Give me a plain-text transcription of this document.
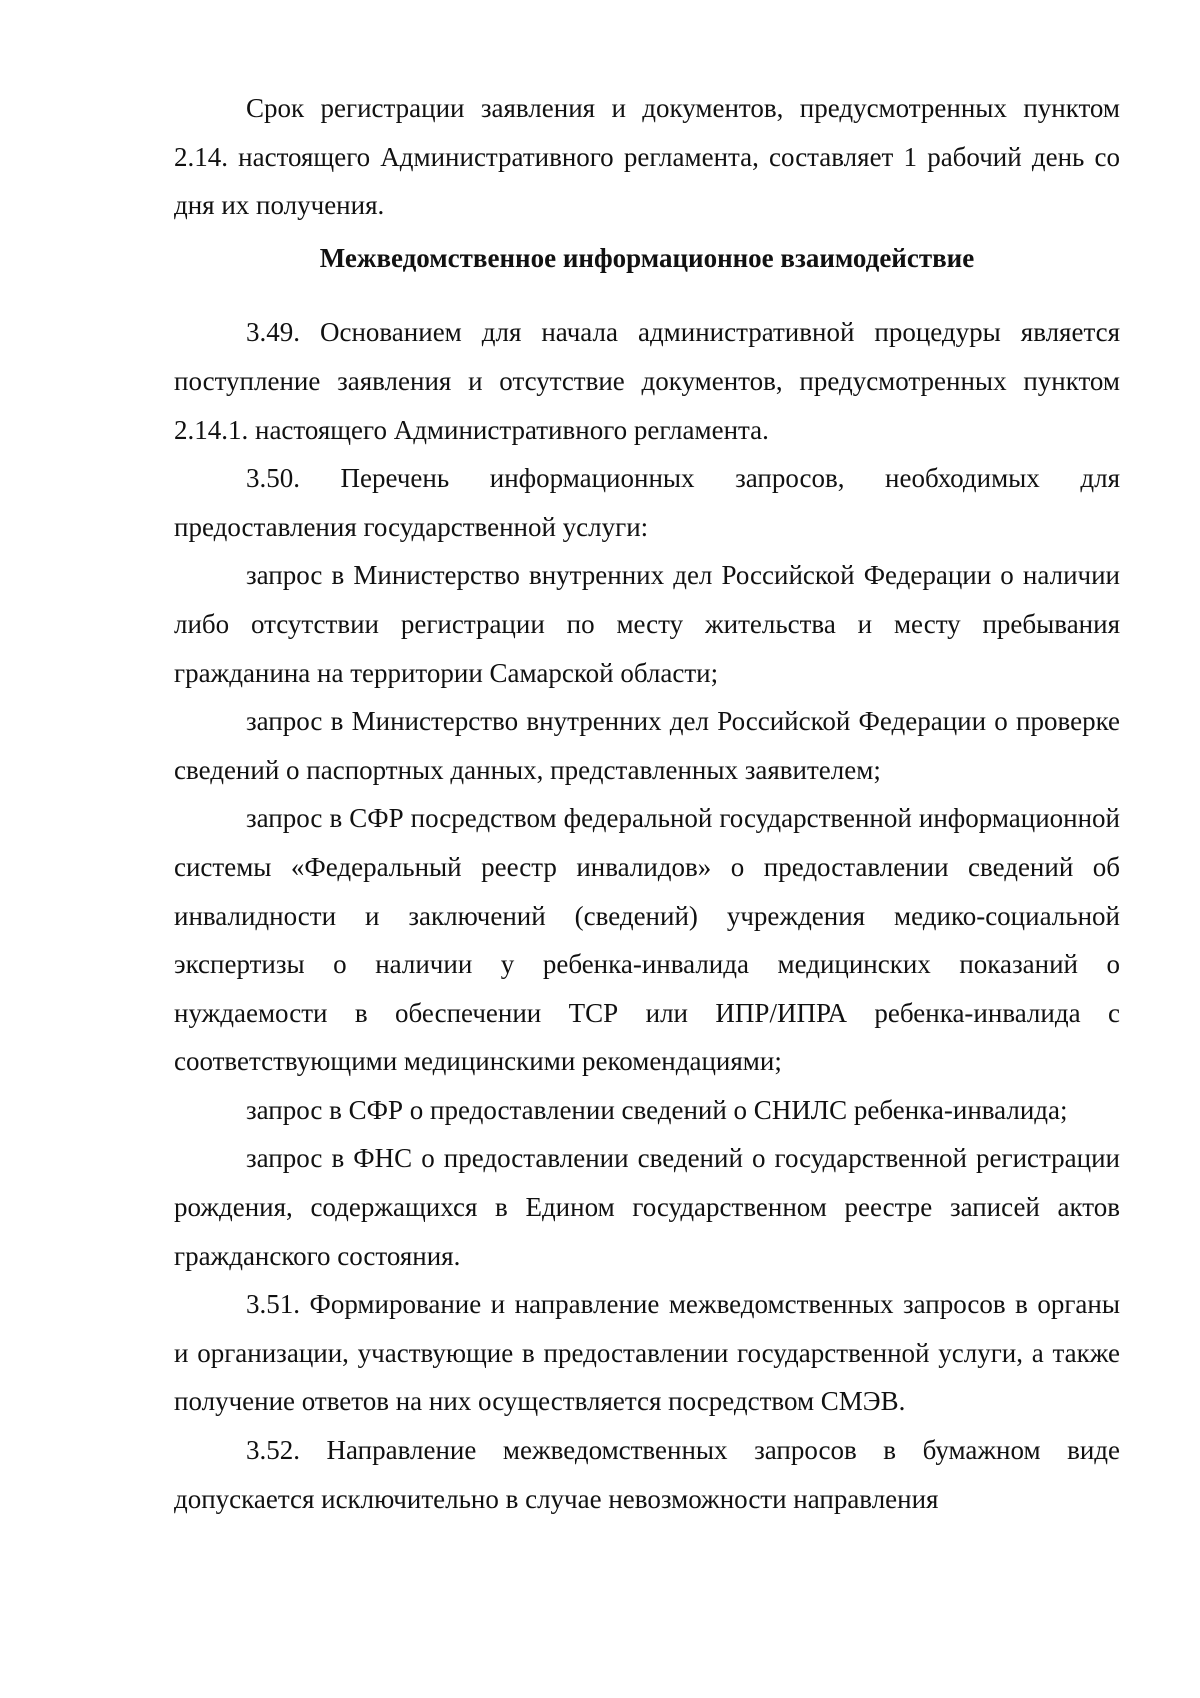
Срок регистрации заявления и документов, предусмотренных пунктом 2.14. настоящего Административного регламента, составляет 1 рабочий день со дня их получения.

Межведомственное информационное взаимодействие

3.49. Основанием для начала административной процедуры является поступление заявления и отсутствие документов, предусмотренных пунктом 2.14.1. настоящего Административного регламента.

3.50. Перечень информационных запросов, необходимых для предоставления государственной услуги:

запрос в Министерство внутренних дел Российской Федерации о наличии либо отсутствии регистрации по месту жительства и месту пребывания гражданина на территории Самарской области;

запрос в Министерство внутренних дел Российской Федерации о проверке сведений о паспортных данных, представленных заявителем;

запрос в СФР посредством федеральной государственной информационной системы «Федеральный реестр инвалидов» о предоставлении сведений об инвалидности и заключений (сведений) учреждения медико-социальной экспертизы о наличии у ребенка-инвалида медицинских показаний о нуждаемости в обеспечении ТСР или ИПР/ИПРА ребенка-инвалида с соответствующими медицинскими рекомендациями;

запрос в СФР о предоставлении сведений о СНИЛС ребенка-инвалида;

запрос в ФНС о предоставлении сведений о государственной регистрации рождения, содержащихся в Едином государственном реестре записей актов гражданского состояния.

3.51. Формирование и направление межведомственных запросов в органы и организации, участвующие в предоставлении государственной услуги, а также получение ответов на них осуществляется посредством СМЭВ.

3.52. Направление межведомственных запросов в бумажном виде допускается исключительно в случае невозможности направления
